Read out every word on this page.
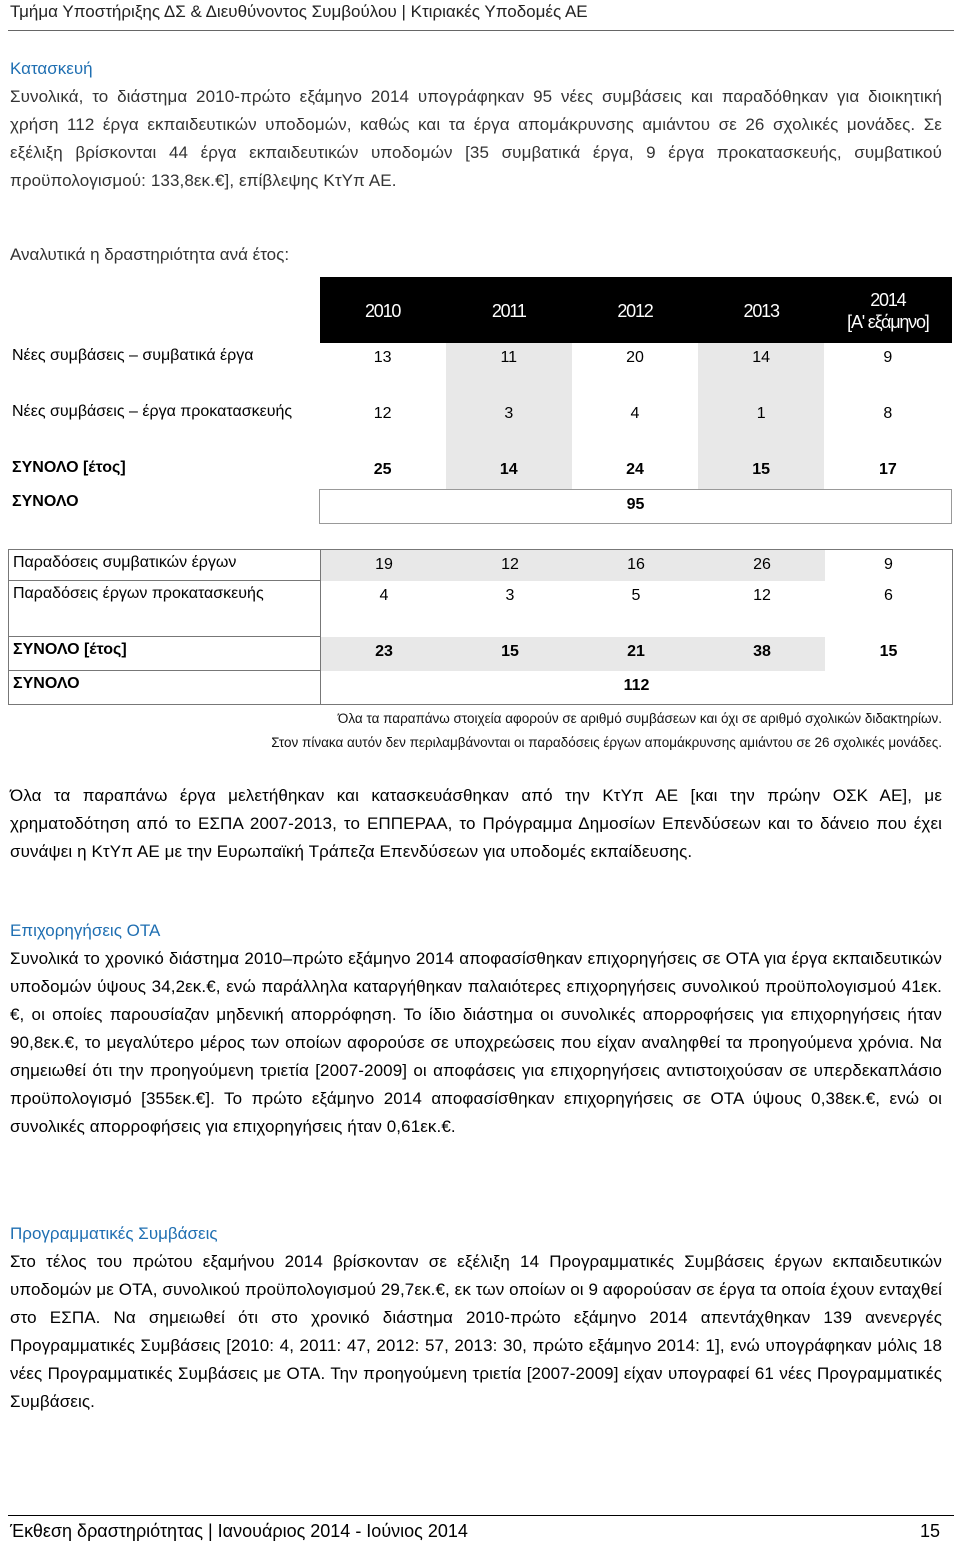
Τμήμα Υποστήριξης ΔΣ & Διευθύνοντος Συμβούλου | Κτιριακές Υποδομές ΑΕ
Κατασκευή
Συνολικά, το διάστημα 2010-πρώτο εξάμηνο 2014 υπογράφηκαν 95 νέες συμβάσεις και παραδόθηκαν για διοικητική χρήση 112 έργα εκπαιδευτικών υποδομών, καθώς και τα έργα απομάκρυνσης αμιάντου σε 26 σχολικές μονάδες. Σε εξέλιξη βρίσκονται 44 έργα εκπαιδευτικών υποδομών [35 συμβατικά έργα, 9 έργα προκατασκευής, συμβατικού προϋπολογισμού: 133,8εκ.€], επίβλεψης ΚτΥπ ΑΕ.
Αναλυτικά η δραστηριότητα ανά έτος:
	2010	2011	2012	2013	2014
[Α' εξάμηνο]

Νέες συμβάσεις – συμβατικά έργα	13	11	20	14	9
Νέες συμβάσεις – έργα προκατασκευής	12	3	4	1	8
ΣΥΝΟΛΟ [έτος]	25	14	24	15	17
ΣΥΝΟΛΟ	95				
Παραδόσεις συμβατικών έργων	19	12	16	26	9
Παραδόσεις έργων προκατασκευής	4	3	5	12	6
ΣΥΝΟΛΟ [έτος]	23	15	21	38	15
ΣΥΝΟΛΟ	112				
Όλα τα παραπάνω στοιχεία αφορούν σε αριθμό συμβάσεων και όχι σε αριθμό σχολικών διδακτηρίων.
Στον πίνακα αυτόν δεν περιλαμβάνονται οι παραδόσεις έργων απομάκρυνσης αμιάντου σε 26 σχολικές μονάδες.
Όλα τα παραπάνω έργα μελετήθηκαν και κατασκευάσθηκαν από την ΚτΥπ ΑΕ [και την πρώην ΟΣΚ ΑΕ], με χρηματοδότηση από το ΕΣΠΑ 2007-2013, το ΕΠΠΕΡΑΑ, το Πρόγραμμα Δημοσίων Επενδύσεων και το δάνειο που έχει συνάψει η ΚτΥπ ΑΕ με την Ευρωπαϊκή Τράπεζα Επενδύσεων για υποδομές εκπαίδευσης.
Επιχορηγήσεις ΟΤΑ
Συνολικά το χρονικό διάστημα 2010–πρώτο εξάμηνο 2014 αποφασίσθηκαν επιχορηγήσεις σε ΟΤΑ για έργα εκπαιδευτικών υποδομών ύψους 34,2εκ.€, ενώ παράλληλα καταργήθηκαν παλαιότερες επιχορηγήσεις συνολικού προϋπολογισμού 41εκ.€, οι οποίες παρουσίαζαν μηδενική απορρόφηση. Το ίδιο διάστημα οι συνολικές απορροφήσεις για επιχορηγήσεις ήταν 90,8εκ.€, το μεγαλύτερο μέρος των οποίων αφορούσε σε υποχρεώσεις που είχαν αναληφθεί τα προηγούμενα χρόνια. Να σημειωθεί ότι την προηγούμενη τριετία [2007-2009] οι αποφάσεις για επιχορηγήσεις αντιστοιχούσαν σε υπερδεκαπλάσιο προϋπολογισμό [355εκ.€]. Το πρώτο εξάμηνο 2014 αποφασίσθηκαν επιχορηγήσεις σε ΟΤΑ ύψους 0,38εκ.€, ενώ οι συνολικές απορροφήσεις για επιχορηγήσεις ήταν 0,61εκ.€.
Προγραμματικές Συμβάσεις
Στο τέλος του πρώτου εξαμήνου 2014 βρίσκονταν σε εξέλιξη 14 Προγραμματικές Συμβάσεις έργων εκπαιδευτικών υποδομών με ΟΤΑ, συνολικού προϋπολογισμού 29,7εκ.€, εκ των οποίων οι 9 αφορούσαν σε έργα τα οποία έχουν ενταχθεί στο ΕΣΠΑ. Να σημειωθεί ότι στο χρονικό διάστημα 2010-πρώτο εξάμηνο 2014 απεντάχθηκαν 139 ανενεργές Προγραμματικές Συμβάσεις [2010: 4, 2011: 47, 2012: 57, 2013: 30, πρώτο εξάμηνο 2014: 1], ενώ υπογράφηκαν μόλις 18 νέες Προγραμματικές Συμβάσεις με ΟΤΑ. Την προηγούμενη τριετία [2007-2009] είχαν υπογραφεί 61 νέες Προγραμματικές Συμβάσεις.
Έκθεση δραστηριότητας | Ιανουάριος 2014 - Ιούνιος 2014	15
